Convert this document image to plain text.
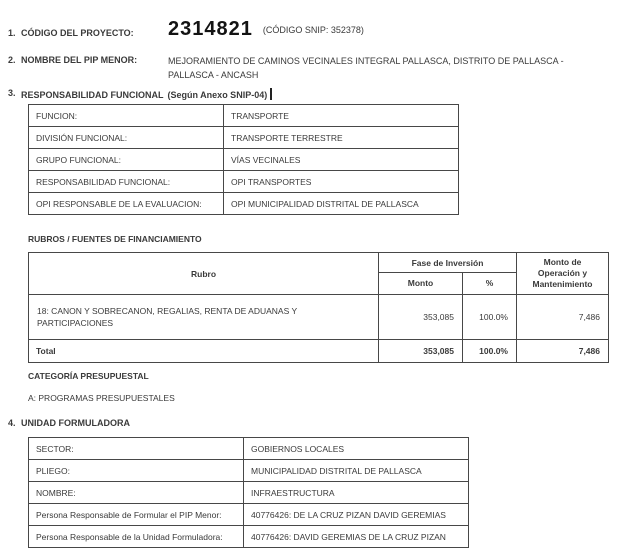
1. CÓDIGO DEL PROYECTO:	2314821 (CÓDIGO SNIP: 352378)
2. NOMBRE DEL PIP MENOR:	MEJORAMIENTO DE CAMINOS VECINALES INTEGRAL PALLASCA, DISTRITO DE PALLASCA - PALLASCA - ANCASH
3. RESPONSABILIDAD FUNCIONAL (Según Anexo SNIP-04)
FUNCION:	TRANSPORTE
DIVISIÓN FUNCIONAL:	TRANSPORTE TERRESTRE
GRUPO FUNCIONAL:	VÍAS VECINALES
RESPONSABILIDAD FUNCIONAL:	OPI TRANSPORTES
OPI RESPONSABLE DE LA EVALUACION:	OPI MUNICIPALIDAD DISTRITAL DE PALLASCA
RUBROS / FUENTES DE FINANCIAMIENTO
Rubro	Fase de Inversión		Monto de Operación y Mantenimiento
	Monto	%	
18: CANON Y SOBRECANON, REGALIAS, RENTA DE ADUANAS Y PARTICIPACIONES	353,085	100.0%	7,486
Total	353,085	100.0%	7,486
CATEGORÍA PRESUPUESTAL
A: PROGRAMAS PRESUPUESTALES
4. UNIDAD FORMULADORA
SECTOR:	GOBIERNOS LOCALES
PLIEGO:	MUNICIPALIDAD DISTRITAL DE PALLASCA
NOMBRE:	INFRAESTRUCTURA
Persona Responsable de Formular el PIP Menor:	40776426: DE LA CRUZ PIZAN DAVID GEREMIAS
Persona Responsable de la Unidad Formuladora:	40776426: DAVID GEREMIAS DE LA CRUZ PIZAN
